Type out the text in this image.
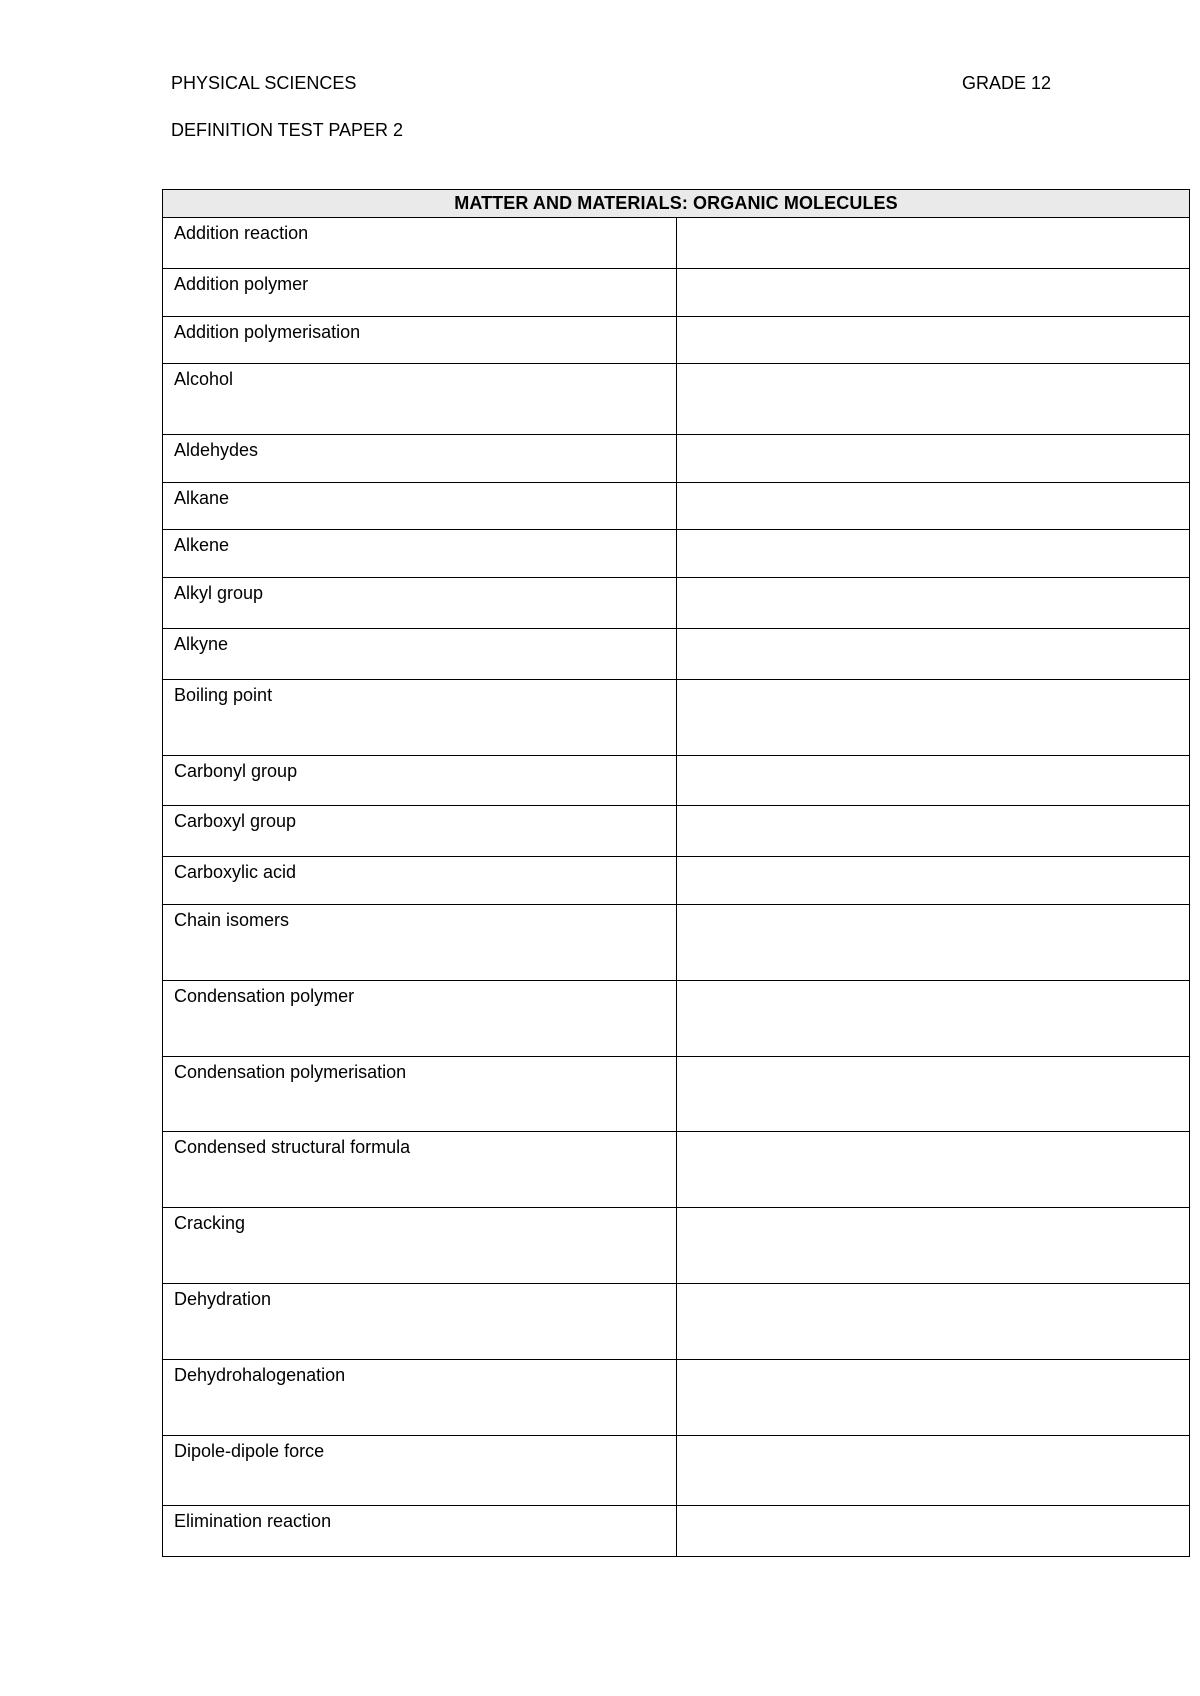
PHYSICAL SCIENCES	GRADE 12
DEFINITION TEST PAPER 2
MATTER AND MATERIALS: ORGANIC MOLECULES	
Addition reaction	
Addition polymer	
Addition polymerisation	
Alcohol	
Aldehydes	
Alkane	
Alkene	
Alkyl group	
Alkyne	
Boiling point	
Carbonyl group	
Carboxyl group	
Carboxylic acid	
Chain isomers	
Condensation polymer	
Condensation polymerisation	
Condensed structural formula	
Cracking	
Dehydration	
Dehydrohalogenation	
Dipole-dipole force	
Elimination reaction	
